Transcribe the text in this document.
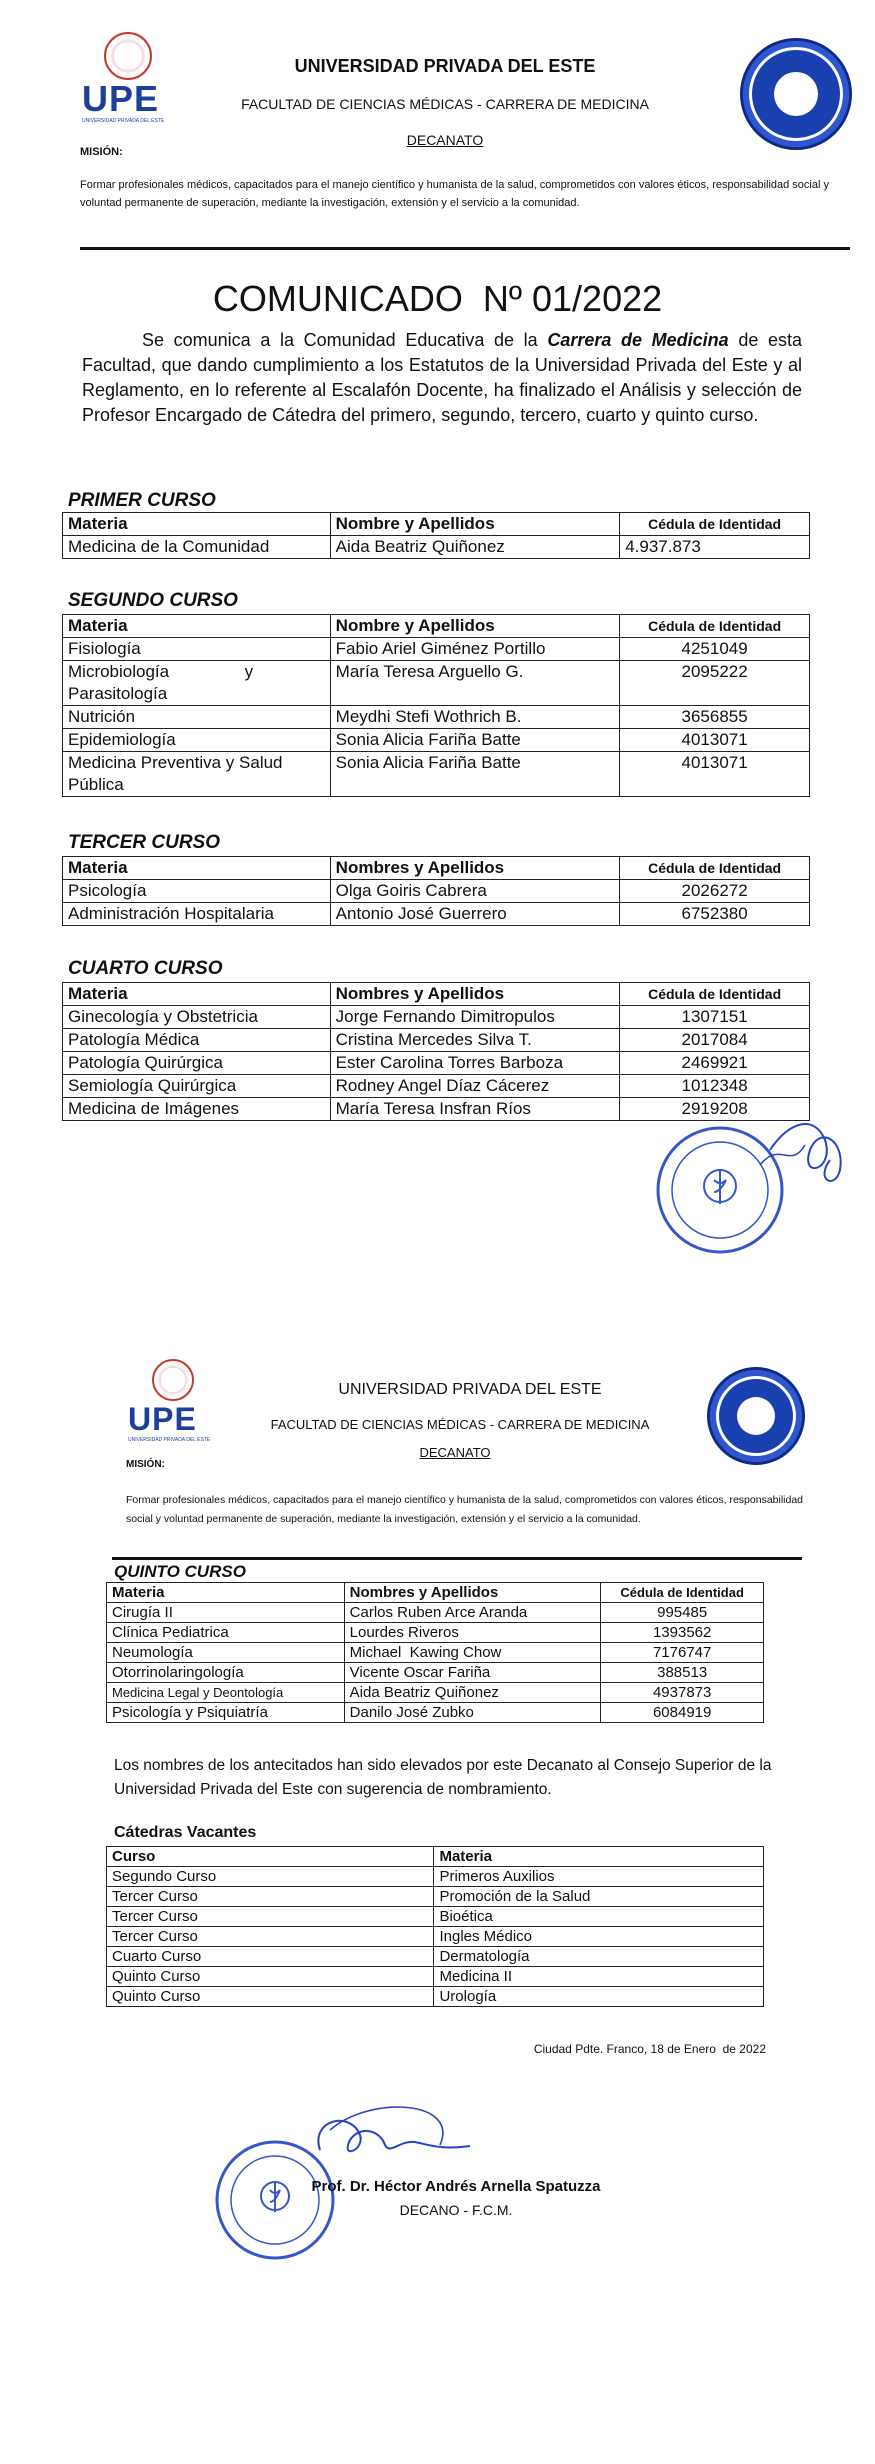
UPE
UNIVERSIDAD PRIVADA DEL ESTE
UNIVERSIDAD PRIVADA DEL ESTE
FACULTAD DE CIENCIAS MÉDICAS - CARRERA DE MEDICINA
DECANATO
MISIÓN:
Formar profesionales médicos, capacitados para el manejo científico y humanista de la salud, comprometidos con valores éticos, responsabilidad social y voluntad permanente de superación, mediante la investigación, extensión y el servicio a la comunidad.
COMUNICADO  Nº 01/2022
Se comunica a la Comunidad Educativa de la Carrera de Medicina de esta Facultad, que dando cumplimiento a los Estatutos de la Universidad Privada del Este y al Reglamento, en lo referente al Escalafón Docente, ha finalizado el Análisis y selección de Profesor Encargado de Cátedra del primero, segundo, tercero, cuarto y quinto curso.
PRIMER CURSO
Materia	Nombre y Apellidos	Cédula de Identidad
Medicina de la Comunidad	Aida Beatriz Quiñonez	4.937.873
SEGUNDO CURSO
Materia	Nombre y Apellidos	Cédula de Identidad
Fisiología	Fabio Ariel Giménez Portillo	4251049
Microbiología                y Parasitología	María Teresa Arguello G.	2095222
Nutrición	Meydhi Stefi Wothrich B.	3656855
Epidemiología	Sonia Alicia Fariña Batte	4013071
Medicina Preventiva y Salud Pública	Sonia Alicia Fariña Batte	4013071
TERCER CURSO
Materia	Nombres y Apellidos	Cédula de Identidad
Psicología	Olga Goiris Cabrera	2026272
Administración Hospitalaria	Antonio José Guerrero	6752380
CUARTO CURSO
Materia	Nombres y Apellidos	Cédula de Identidad
Ginecología y Obstetricia	Jorge Fernando Dimitropulos	1307151
Patología Médica	Cristina Mercedes Silva T.	2017084
Patología Quirúrgica	Ester Carolina Torres Barboza	2469921
Semiología Quirúrgica	Rodney Angel Díaz Cácerez	1012348
Medicina de Imágenes	María Teresa Insfran Ríos	2919208
UPE
UNIVERSIDAD PRIVADA DEL ESTE
UNIVERSIDAD PRIVADA DEL ESTE
FACULTAD DE CIENCIAS MÉDICAS - CARRERA DE MEDICINA
DECANATO
MISIÓN:
Formar profesionales médicos, capacitados para el manejo científico y humanista de la salud, comprometidos con valores éticos, responsabilidad social y voluntad permanente de superación, mediante la investigación, extensión y el servicio a la comunidad.
QUINTO CURSO
Materia	Nombres y Apellidos	Cédula de Identidad
Cirugía II	Carlos Ruben Arce Aranda	995485
Clínica Pediatrica	Lourdes Riveros	1393562
Neumología	Michael  Kawing Chow	7176747
Otorrinolaringología	Vicente Oscar Fariña	388513
Medicina Legal y Deontología	Aida Beatriz Quiñonez	4937873
Psicología y Psiquiatría	Danilo José Zubko	6084919
Los nombres de los antecitados han sido elevados por este Decanato al Consejo Superior de la Universidad Privada del Este con sugerencia de nombramiento.
Cátedras Vacantes
Curso	Materia
Segundo Curso	Primeros Auxilios
Tercer Curso	Promoción de la Salud
Tercer Curso	Bioética
Tercer Curso	Ingles Médico
Cuarto Curso	Dermatología
Quinto Curso	Medicina II
Quinto Curso	Urología
Ciudad Pdte. Franco, 18 de Enero  de 2022
Prof. Dr. Héctor Andrés Arnella Spatuzza
DECANO - F.C.M.
